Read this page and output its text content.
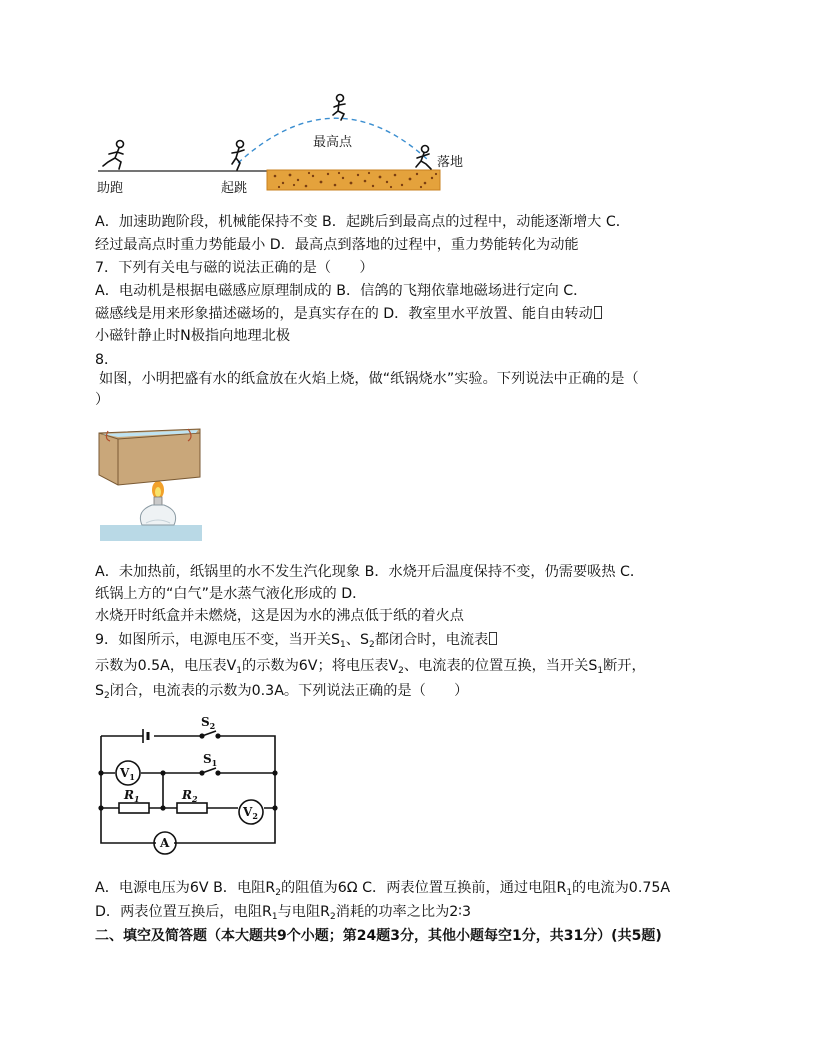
助跑	起跳
最高点
落地
A．加速助跑阶段，机械能保持不变 B．起跳后到最高点的过程中，动能逐渐增大 C．
经过最高点时重力势能最小 D．最高点到落地的过程中，重力势能转化为动能
7．下列有关电与磁的说法正确的是（　　）
A．电动机是根据电磁感应原理制成的 B．信鸽的飞翔依靠地磁场进行定向 C．
磁感线是用来形象描述磁场的，是真实存在的 D．教室里水平放置、能自由转动
小磁针静止时N极指向地理北极
8．
如图，小明把盛有水的纸盒放在火焰上烧，做“纸锅烧水”实验。下列说法中正确的是（
）
A．未加热前，纸锅里的水不发生汽化现象 B．水烧开后温度保持不变，仍需要吸热 C．
纸锅上方的“白气”是水蒸气液化形成的 D．
水烧开时纸盒并未燃烧，这是因为水的沸点低于纸的着火点
9．如图所示，电源电压不变，当开关$S_1$、$S_2$都闭合时，电流表
示数为0.5A，电压表$V_1$的示数为6V；将电压表$V_2$、电流表的位置互换，当开关$S_1$断开，
$S_2$闭合，电流表的示数为0.3A。下列说法正确的是（　　）
$S_2$
$S_1$
$V_1$
$R_1$	$R_2$
$V_2$
A
A．电源电压为6V B．电阻$R_2$的阻值为6Ω C．两表位置互换前，通过电阻$R_1$的电流为0.75A
D．两表位置互换后，电阻$R_1$与电阻$R_2$消耗的功率之比为2∶3
二、填空及简答题（本大题共9个小题；第24题3分，其他小题每空1分，共31分）(共5题)
